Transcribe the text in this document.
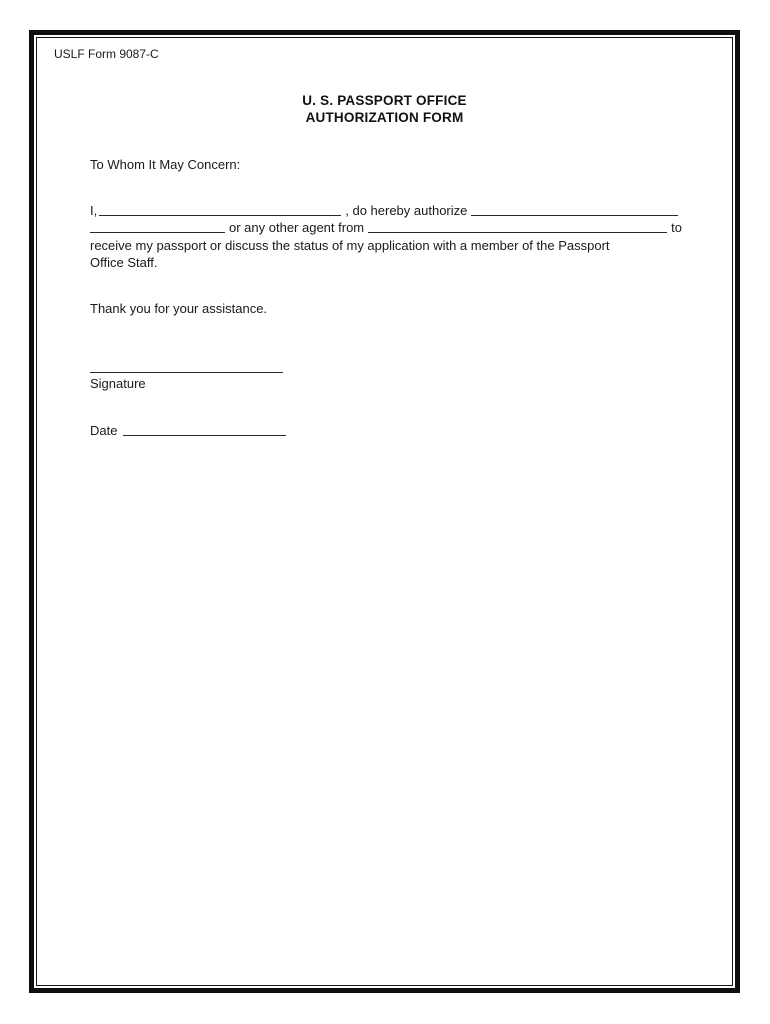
USLF Form 9087-C
U. S. PASSPORT OFFICE
AUTHORIZATION FORM
To Whom It May Concern:
I,	, do hereby authorize
or any other agent from	to
receive my passport or discuss the status of my application with a member of the Passport
Office Staff.
Thank you for your assistance.
Signature
Date
